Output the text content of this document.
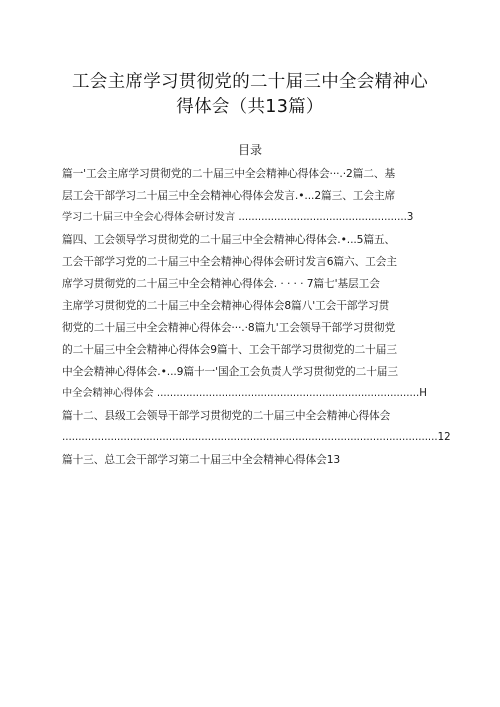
工会主席学习贯彻党的二十届三中全会精神心
得体会（共13篇）
目录
篇一'工会主席学习贯彻党的二十届三中全会精神心得体会···.·2篇二、基
层工会干部学习二十届三中全会精神心得体会发言.•...2篇三、工会主席
学习二十届三中全会心得体会研讨发言 ....................................................3
篇四、工会领导学习贯彻党的二十届三中全会精神心得体会.•...5篇五、
工会干部学习党的二十届三中全会精神心得体会研讨发言6篇六、工会主
席学习贯彻党的二十届三中全会精神心得体会. · · · · 7篇七'基层工会
主席学习贯彻党的二十届三中全会精神心得体会8篇八'工会干部学习贯
彻党的二十届三中全会精神心得体会···.·8篇九'工会领导干部学习贯彻党
的二十届三中全会精神心得体会9篇十、工会干部学习贯彻党的二十届三
中全会精神心得体会.•...9篇十一'国企工会负责人学习贯彻党的二十届三
中全会精神心得体会 .................................................................................H
篇十二、县级工会领导干部学习贯彻党的二十届三中全会精神心得体会
....................................................................................................................12
篇十三、总工会干部学习第二十届三中全会精神心得体会13
